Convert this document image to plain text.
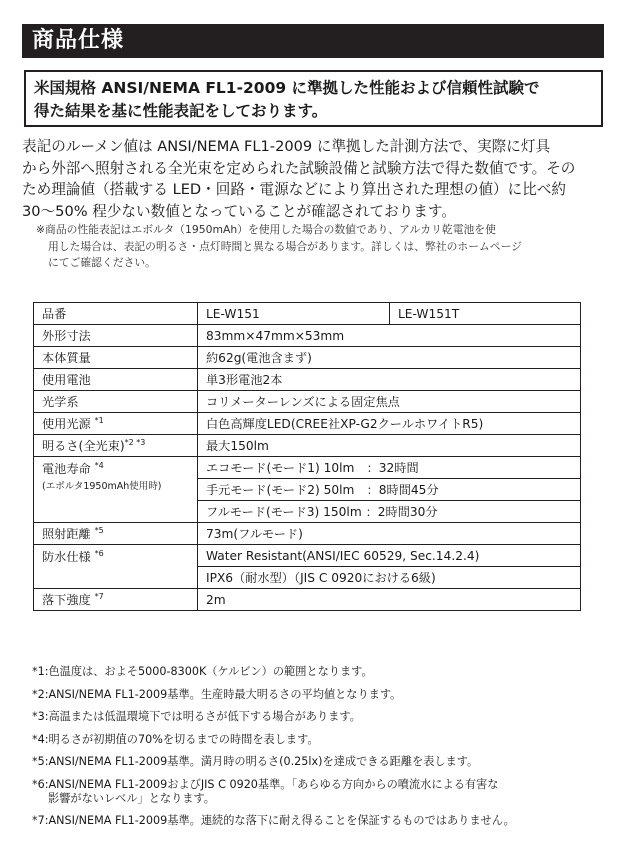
商品仕様
米国規格 ANSI/NEMA FL1-2009 に準拠した性能および信頼性試験で
得た結果を基に性能表記をしております。
表記のルーメン値は ANSI/NEMA FL1-2009 に準拠した計測方法で、実際に灯具
から外部へ照射される全光束を定められた試験設備と試験方法で得た数値です。その
ため理論値（搭載する LED・回路・電源などにより算出された理想の値）に比べ約
30〜50% 程少ない数値となっていることが確認されております。
※商品の性能表記はエボルタ（1950mAh）を使用した場合の数値であり、アルカリ乾電池を使
用した場合は、表記の明るさ・点灯時間と異なる場合があります。詳しくは、弊社のホームページ
にてご確認ください。
品番	LE-W151	LE-W151T
外形寸法	83mm×47mm×53mm	
本体質量	約62g(電池含まず)	
使用電池	単3形電池2本	
光学系	コリメーターレンズによる固定焦点	
使用光源 $^{*1}$	白色高輝度LED(CREE社XP-G2クールホワイトR5)	
明るさ(全光束)$^{*2 *3}$	最大150lm	
電池寿命 $^{*4}$
(エボルタ1950mAh使用時)	エコモード(モード1) 10lm　：32時間	
	手元モード(モード2) 50lm　：8時間45分	
	フルモード(モード3) 150lm ：2時間30分	
照射距離 $^{*5}$	73m(フルモード)	
防水仕様 $^{*6}$	Water Resistant(ANSI/IEC 60529, Sec.14.2.4)	
	IPX6（耐水型）（JIS C 0920における6級)	
落下強度 $^{*7}$	2m	
*1:色温度は、およそ5000-8300K（ケルビン）の範囲となります。
*2:ANSI/NEMA FL1-2009基準。生産時最大明るさの平均値となります。
*3:高温または低温環境下では明るさが低下する場合があります。
*4:明るさが初期值の70%を切るまでの時間を表します。
*5:ANSI/NEMA FL1-2009基準。満月時の明るさ(0.25lx)を達成できる距離を表します。
*6:ANSI/NEMA FL1-2009およびJIS C 0920基準。「あらゆる方向からの噴流水による有害な
影響がないレベル」となります。
*7:ANSI/NEMA FL1-2009基準。連続的な落下に耐え得ることを保証するものではありません。
